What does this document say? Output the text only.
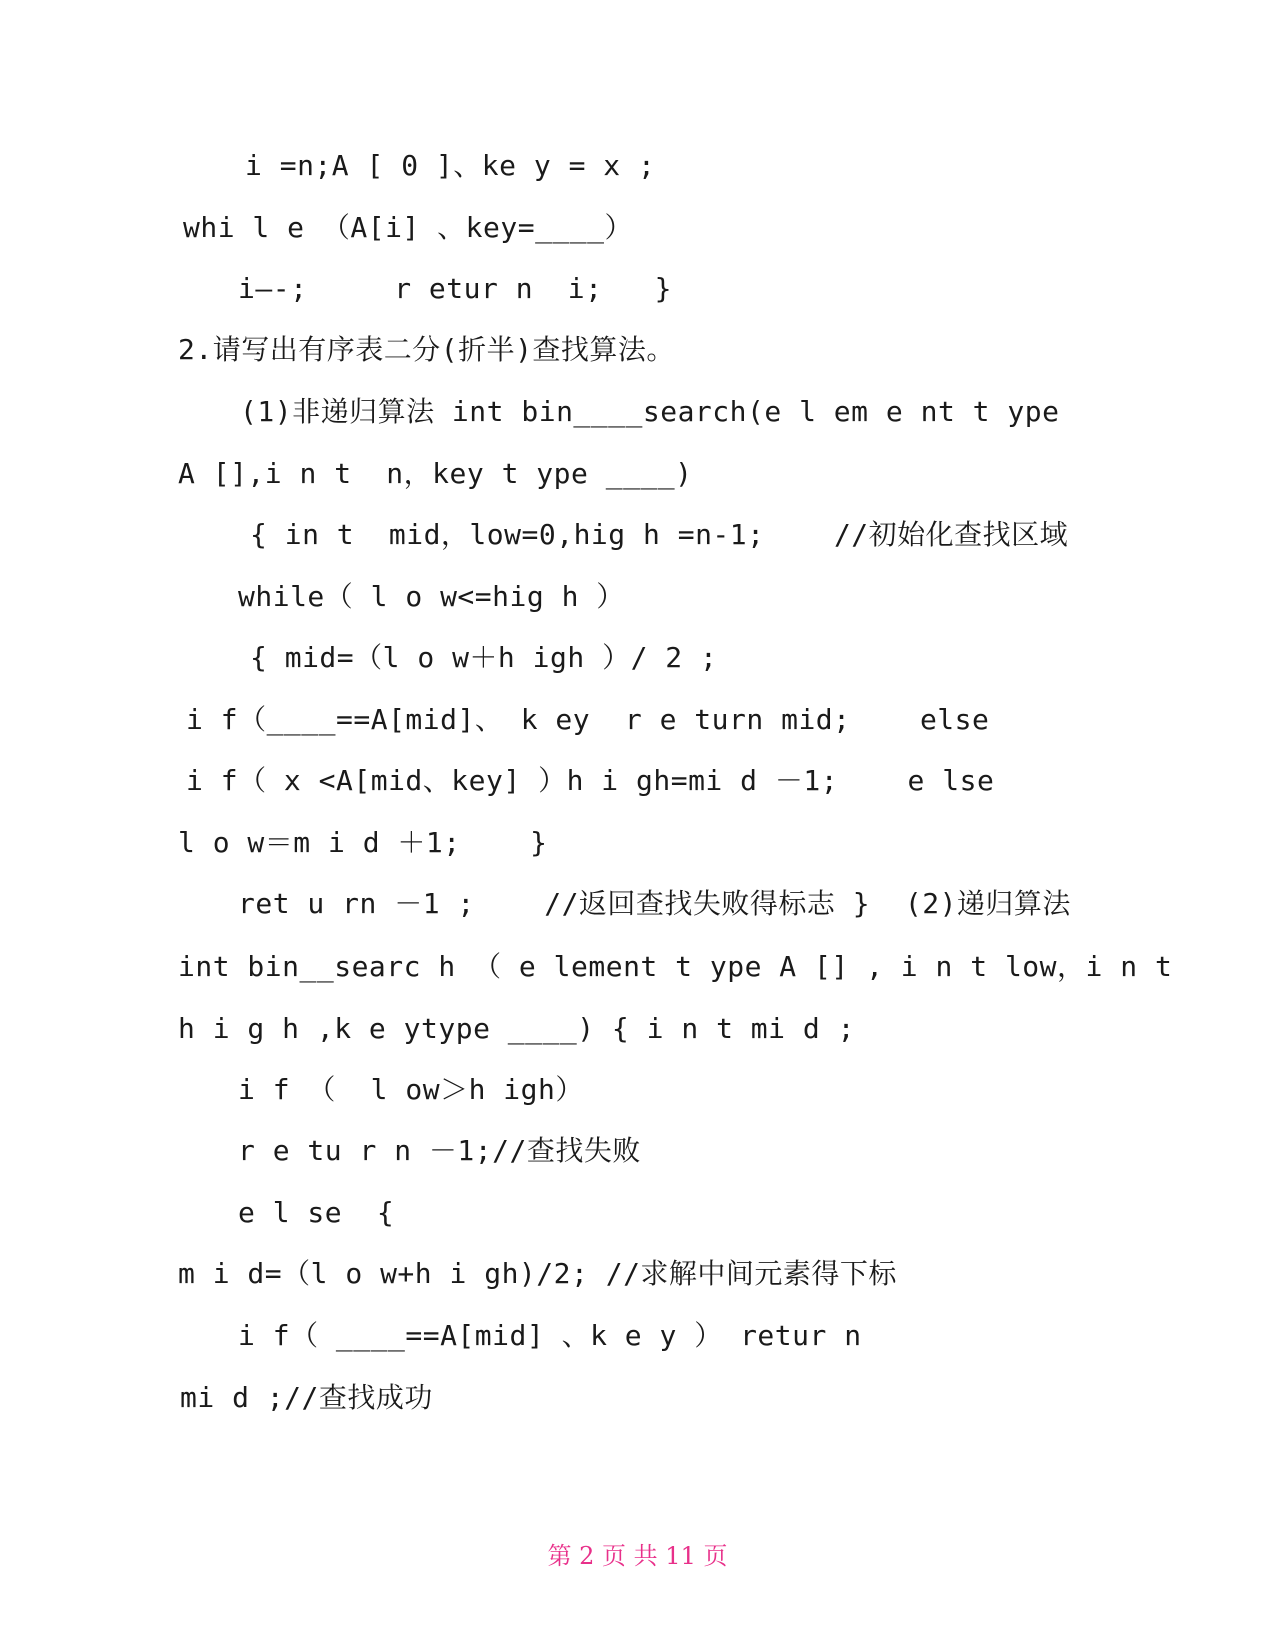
i =n;A [ 0 ]、ke y = x ;
whi l e （A[i] 、key=____）
i—-;     r etur n  i;   }
2.请写出有序表二分(折半)查找算法。
(1)非递归算法 int bin____search(e l em e nt t ype
A [],i n t  n，key t ype ____)
{ in t  mid，low=0,hig h =n-1;    //初始化查找区域
while（ l o w<=hig h ）
{ mid=（l o w＋h igh ）/ 2 ;
i f（____==A[mid]、 k ey  r e turn mid;    else
i f（ x <A[mid、key] ）h i gh=mi d －1;    e lse
l o w＝m i d ＋1;    }
ret u rn －1 ;    //返回查找失败得标志 }  (2)递归算法
int bin__searc h （ e lement t ype A [] , i n t low，i n t
h i g h ,k e ytype ____) { i n t mi d ;
i f （  l ow＞h igh）
r e tu r n －1;//查找失败
e l se  {
m i d=（l o w+h i gh)/2; //求解中间元素得下标
i f（ ____==A[mid] 、k e y ） retur n
mi d ;//查找成功
第 2 页 共 11 页
